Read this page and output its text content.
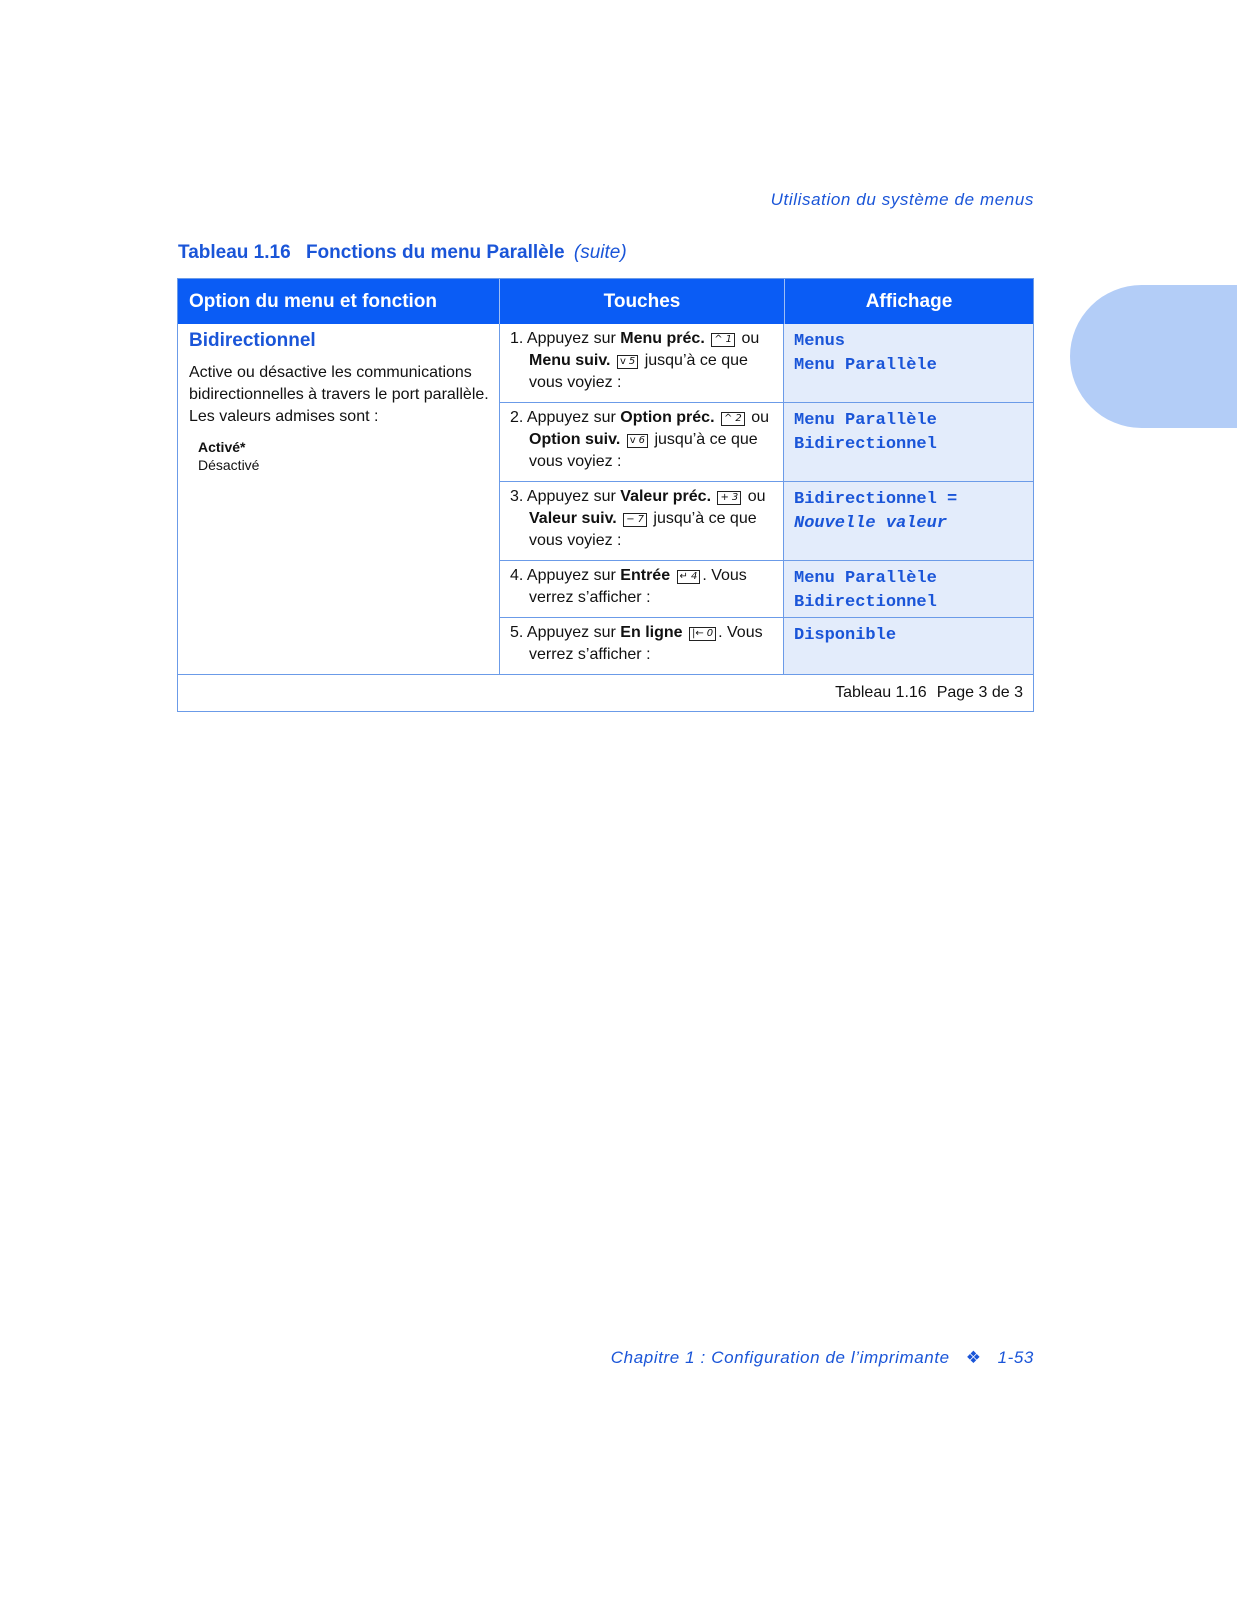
Utilisation du système de menus
Tableau 1.16 Fonctions du menu Parallèle (suite)
Option du menu et fonction	Touches	Affichage
Bidirectionnel
Active ou désactive les communications bidirectionnelles à travers le port parallèle. Les valeurs admises sont :
Activé*
Désactivé
1. Appuyez sur Menu préc. ^ 1 ou Menu suiv. v 5 jusqu’à ce que vous voyiez :
Menus
Menu Parallèle
2. Appuyez sur Option préc. ^ 2 ou Option suiv. v 6 jusqu’à ce que vous voyiez :
Menu Parallèle
Bidirectionnel
3. Appuyez sur Valeur préc. + 3 ou Valeur suiv. − 7 jusqu’à ce que vous voyiez :
Bidirectionnel =
Nouvelle valeur
4. Appuyez sur Entrée ↵ 4 . Vous verrez s’afficher :
Menu Parallèle
Bidirectionnel
5. Appuyez sur En ligne |← 0 . Vous verrez s’afficher :
Disponible
Tableau 1.16 Page 3 de 3
Chapitre 1 : Configuration de l’imprimante ❖ 1-53
